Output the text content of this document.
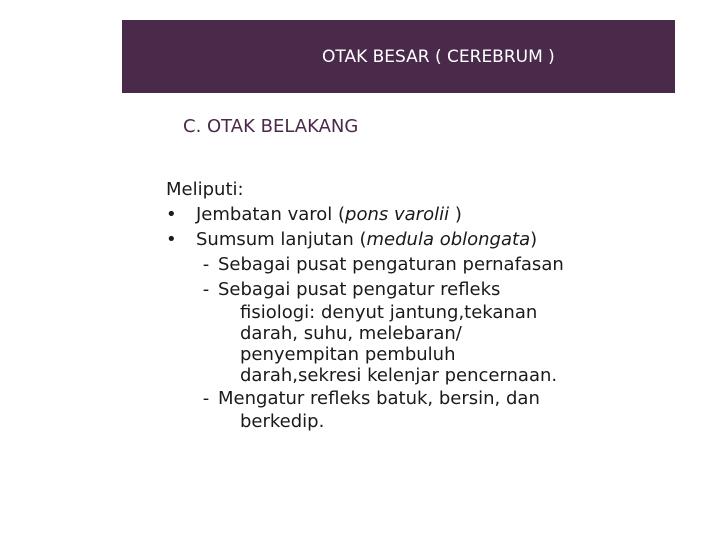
OTAK BESAR ( CEREBRUM )
C. OTAK BELAKANG
Meliputi:
• Jembatan varol (pons varolii )
• Sumsum lanjutan (medula oblongata)
- Sebagai pusat pengaturan pernafasan
- Sebagai pusat pengatur refleks
fisiologi: denyut jantung,tekanan
darah, suhu, melebaran/
penyempitan pembuluh
darah,sekresi kelenjar pencernaan.
- Mengatur refleks batuk, bersin, dan
berkedip.
